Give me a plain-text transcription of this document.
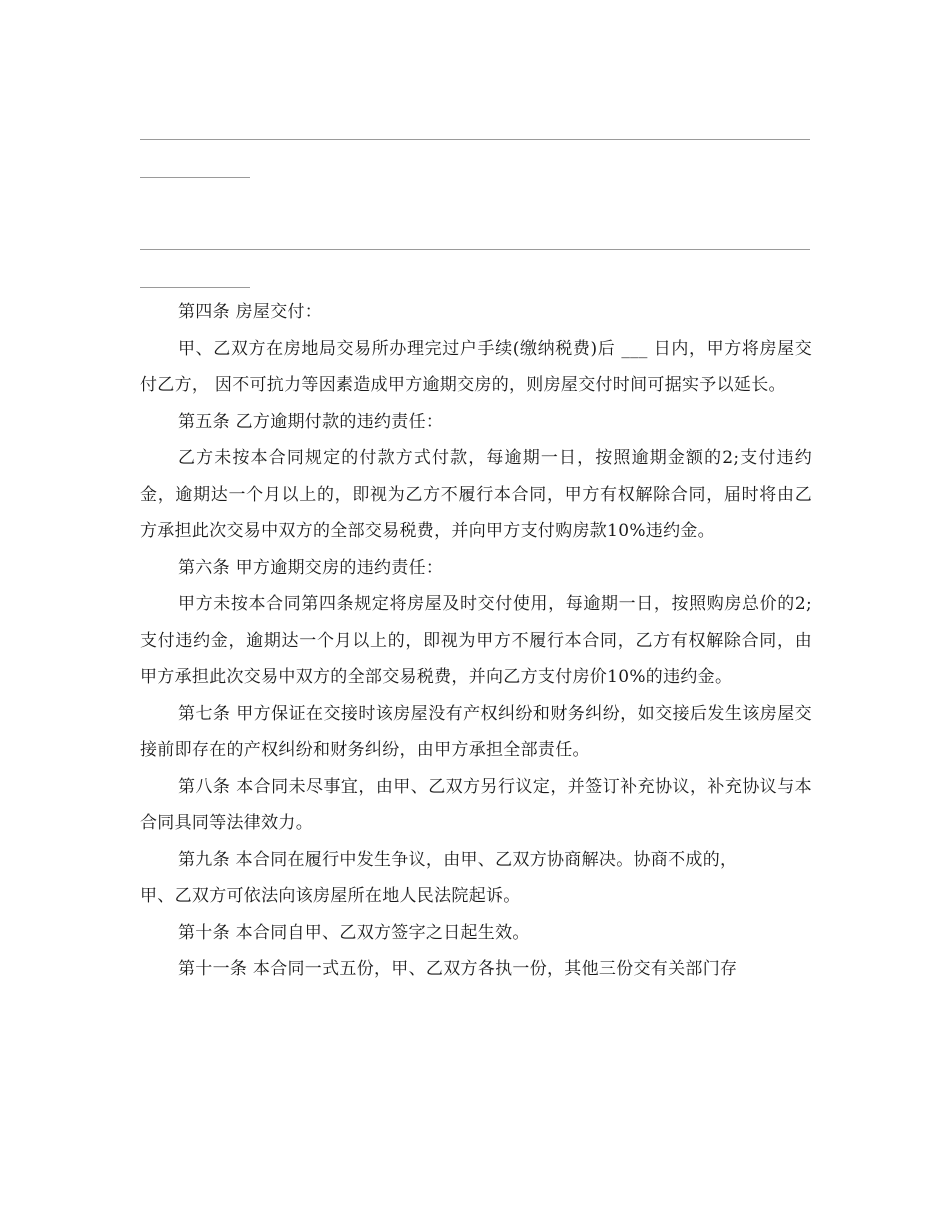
第四条 房屋交付：

甲、乙双方在房地局交易所办理完过户手续(缴纳税费)后 ___ 日内，甲方将房屋交付乙方， 因不可抗力等因素造成甲方逾期交房的，则房屋交付时间可据实予以延长。

第五条 乙方逾期付款的违约责任：

乙方未按本合同规定的付款方式付款，每逾期一日，按照逾期金额的2;支付违约金，逾期达一个月以上的，即视为乙方不履行本合同，甲方有权解除合同，届时将由乙方承担此次交易中双方的全部交易税费，并向甲方支付购房款10%违约金。

第六条 甲方逾期交房的违约责任：

甲方未按本合同第四条规定将房屋及时交付使用，每逾期一日，按照购房总价的2;支付违约金，逾期达一个月以上的，即视为甲方不履行本合同，乙方有权解除合同，由甲方承担此次交易中双方的全部交易税费，并向乙方支付房价10%的违约金。

第七条 甲方保证在交接时该房屋没有产权纠纷和财务纠纷，如交接后发生该房屋交接前即存在的产权纠纷和财务纠纷，由甲方承担全部责任。

第八条 本合同未尽事宜，由甲、乙双方另行议定，并签订补充协议，补充协议与本合同具同等法律效力。

第九条 本合同在履行中发生争议，由甲、乙双方协商解决。协商不成的，
甲、乙双方可依法向该房屋所在地人民法院起诉。

第十条 本合同自甲、乙双方签字之日起生效。

第十一条 本合同一式五份，甲、乙双方各执一份，其他三份交有关部门存
